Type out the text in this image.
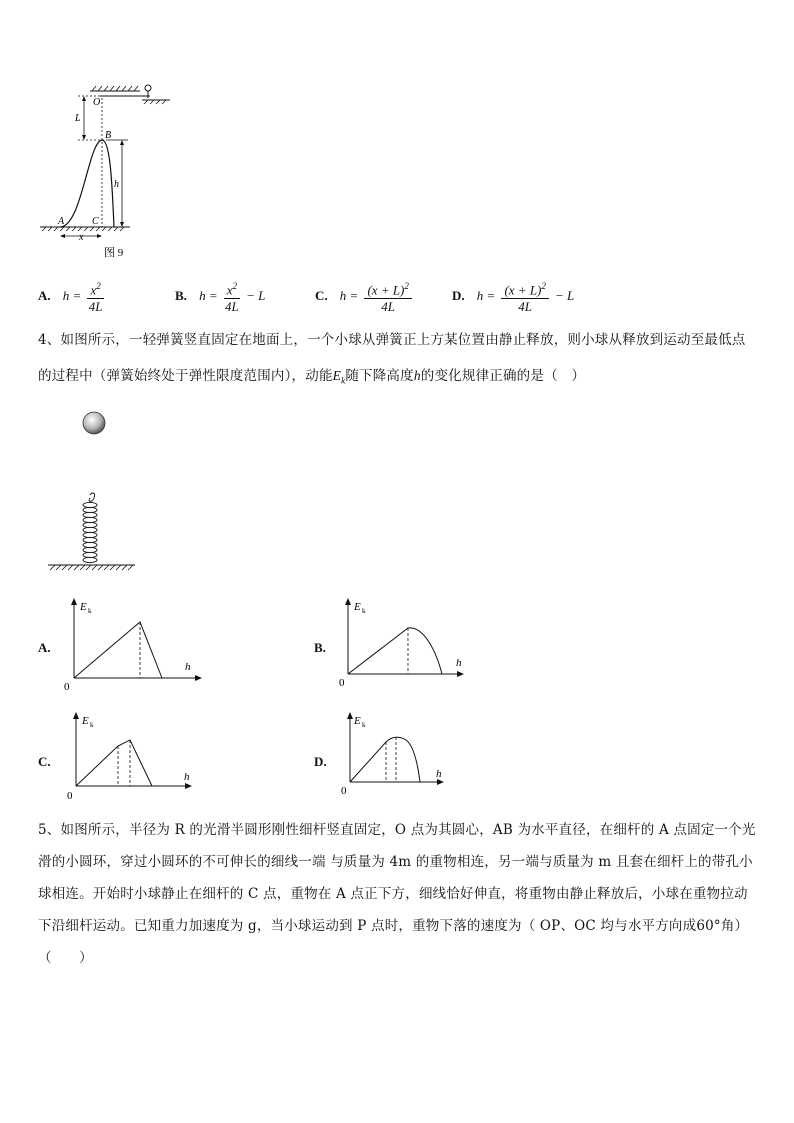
O
L
B
h
A	C
x
图 9
A. $h = \frac{x^2}{4L}$	B. $h = \frac{x^2}{4L} - L$	C. $h = \frac{(x + L)^2}{4L}$	D. $h = \frac{(x + L)^2}{4L} - L$
4、如图所示，一轻弹簧竖直固定在地面上，一个小球从弹簧正上方某位置由静止释放，则小球从释放到运动至最低点
的过程中（弹簧始终处于弹性限度范围内），动能$E_k$随下降高度h的变化规律正确的是（　）
A.
E k
h
0
B.
E k
h
0
C.
E k
h
0
D.
E k
h
0
5、如图所示，半径为 R 的光滑半圆形刚性细杆竖直固定，O 点为其圆心，AB 为水平直径，在细杆的 A 点固定一个光
滑的小圆环，穿过小圆环的不可伸长的细线一端 与质量为 4m 的重物相连，另一端与质量为 m 且套在细杆上的带孔小
球相连。开始时小球静止在细杆的 C 点，重物在 A 点正下方，细线恰好伸直，将重物由静止释放后，小球在重物拉动
下沿细杆运动。已知重力加速度为 g，当小球运动到 P 点时，重物下落的速度为（ OP、OC 均与水平方向成60°角）
（　　）
